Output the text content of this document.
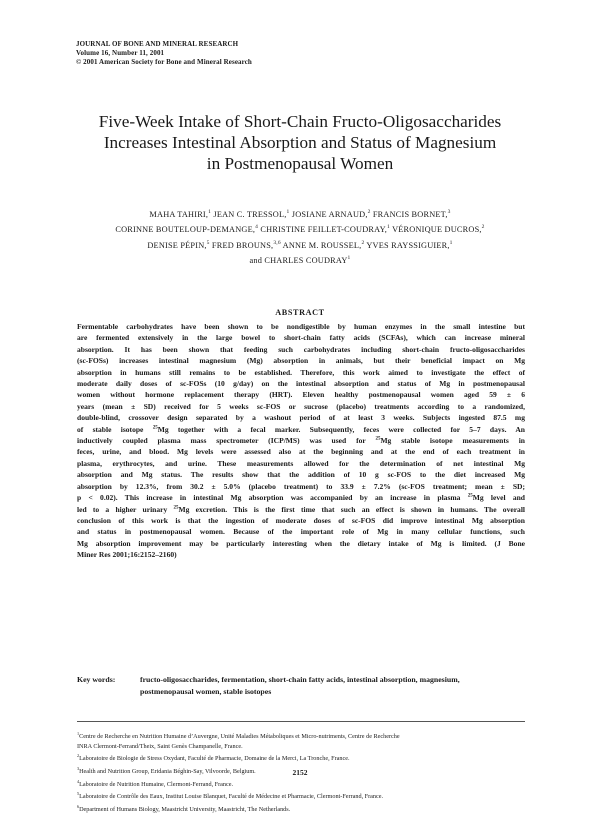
JOURNAL OF BONE AND MINERAL RESEARCH
Volume 16, Number 11, 2001
© 2001 American Society for Bone and Mineral Research
Five-Week Intake of Short-Chain Fructo-Oligosaccharides
Increases Intestinal Absorption and Status of Magnesium
in Postmenopausal Women
MAHA TAHIRI,$^1$ JEAN C. TRESSOL,$^1$ JOSIANE ARNAUD,$^2$ FRANCIS BORNET,$^3$
CORINNE BOUTELOUP-DEMANGE,$^4$ CHRISTINE FEILLET-COUDRAY,$^1$ VÉRONIQUE DUCROS,$^2$
DENISE PÉPIN,$^5$ FRED BROUNS,$^{3,6}$ ANNE M. ROUSSEL,$^2$ YVES RAYSSIGUIER,$^1$
and CHARLES COUDRAY$^1$
ABSTRACT
Fermentable carbohydrates have been shown to be nondigestible by human enzymes in the small intestine but
are fermented extensively in the large bowel to short-chain fatty acids (SCFAs), which can increase mineral
absorption. It has been shown that feeding such carbohydrates including short-chain fructo-oligosaccharides
(sc-FOSs) increases intestinal magnesium (Mg) absorption in animals, but their beneficial impact on Mg
absorption in humans still remains to be established. Therefore, this work aimed to investigate the effect of
moderate daily doses of sc-FOSs (10 g/day) on the intestinal absorption and status of Mg in postmenopausal
women without hormone replacement therapy (HRT). Eleven healthy postmenopausal women aged 59 ± 6
years (mean ± SD) received for 5 weeks sc-FOS or sucrose (placebo) treatments according to a randomized,
double-blind, crossover design separated by a washout period of at least 3 weeks. Subjects ingested 87.5 mg
of stable isotope $^{25}$Mg together with a fecal marker. Subsequently, feces were collected for 5–7 days. An
inductively coupled plasma mass spectrometer (ICP/MS) was used for $^{25}$Mg stable isotope measurements in
feces, urine, and blood. Mg levels were assessed also at the beginning and at the end of each treatment in
plasma, erythrocytes, and urine. These measurements allowed for the determination of net intestinal Mg
absorption and Mg status. The results show that the addition of 10 g sc-FOS to the diet increased Mg
absorption by 12.3%, from 30.2 ± 5.0% (placebo treatment) to 33.9 ± 7.2% (sc-FOS treatment; mean ± SD;
p < 0.02). This increase in intestinal Mg absorption was accompanied by an increase in plasma $^{25}$Mg level and
led to a higher urinary $^{25}$Mg excretion. This is the first time that such an effect is shown in humans. The overall
conclusion of this work is that the ingestion of moderate doses of sc-FOS did improve intestinal Mg absorption
and status in postmenopausal women. Because of the important role of Mg in many cellular functions, such
Mg absorption improvement may be particularly interesting when the dietary intake of Mg is limited. (J Bone
Miner Res 2001;16:2152–2160)
Key words:	fructo-oligosaccharides, fermentation, short-chain fatty acids, intestinal absorption, magnesium,
postmenopausal women, stable isotopes
$^1$Centre de Recherche en Nutrition Humaine d’Auvergne, Unité Maladies Métaboliques et Micro-nutriments, Centre de Recherche
INRA Clermont-Ferrand/Theix, Saint Genès Champanelle, France.
$^2$Laboratoire de Biologie de Stress Oxydant, Faculté de Pharmacie, Domaine de la Merci, La Tronche, France.
$^3$Health and Nutrition Group, Eridania Béghin-Say, Vilvoorde, Belgium.
$^4$Laboratoire de Nutrition Humaine, Clermont-Ferrand, France.
$^5$Laboratoire de Contrôle des Eaux, Institut Louise Blanquet, Faculté de Médecine et Pharmacie, Clermont-Ferrand, France.
$^6$Department of Humans Biology, Maastricht University, Maastricht, The Netherlands.
2152
